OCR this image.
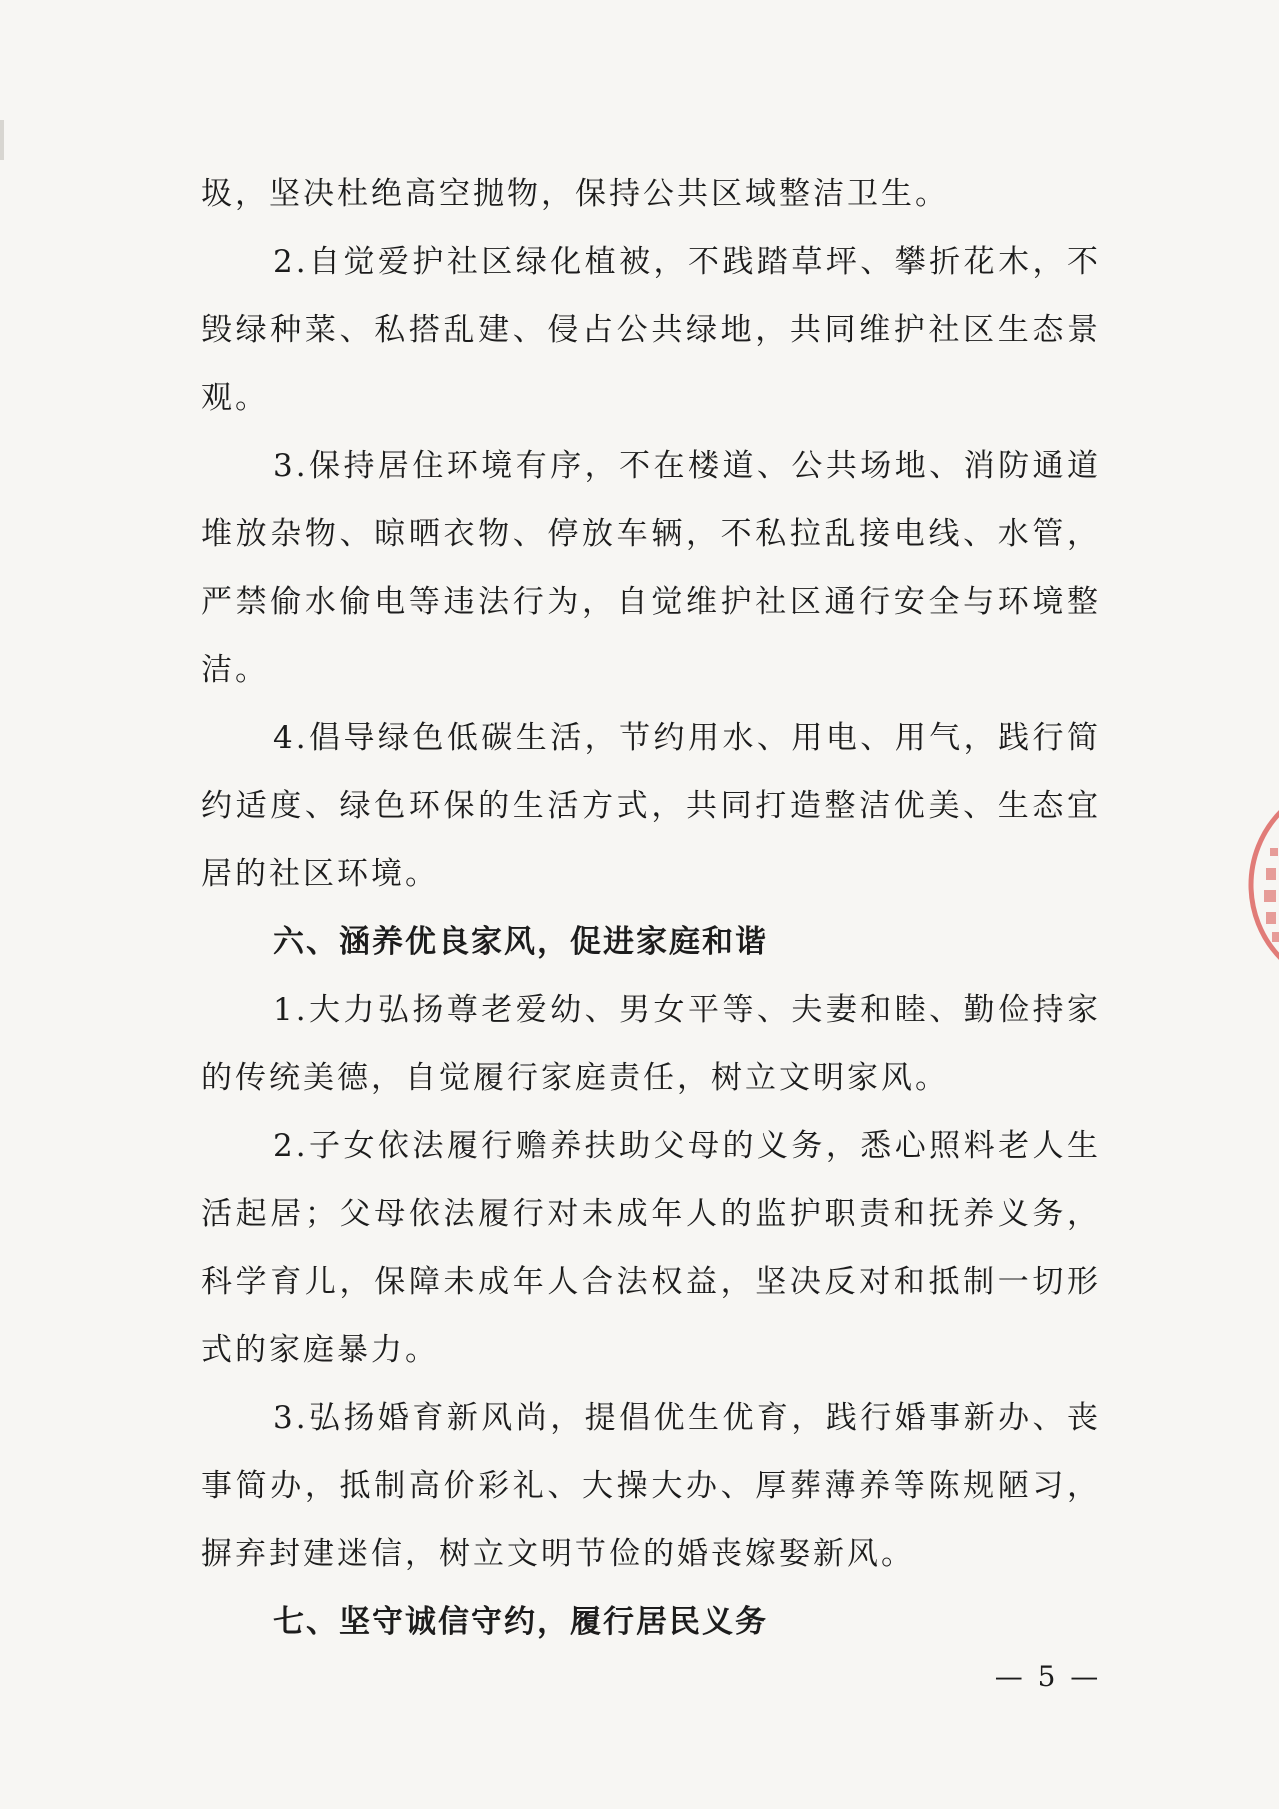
圾，坚决杜绝高空抛物，保持公共区域整洁卫生。

2.自觉爱护社区绿化植被，不践踏草坪、攀折花木，不毁绿种菜、私搭乱建、侵占公共绿地，共同维护社区生态景观。

3.保持居住环境有序，不在楼道、公共场地、消防通道堆放杂物、晾晒衣物、停放车辆，不私拉乱接电线、水管，严禁偷水偷电等违法行为，自觉维护社区通行安全与环境整洁。

4.倡导绿色低碳生活，节约用水、用电、用气，践行简约适度、绿色环保的生活方式，共同打造整洁优美、生态宜居的社区环境。

六、涵养优良家风，促进家庭和谐

1.大力弘扬尊老爱幼、男女平等、夫妻和睦、勤俭持家的传统美德，自觉履行家庭责任，树立文明家风。

2.子女依法履行赡养扶助父母的义务，悉心照料老人生活起居；父母依法履行对未成年人的监护职责和抚养义务，科学育儿，保障未成年人合法权益，坚决反对和抵制一切形式的家庭暴力。

3.弘扬婚育新风尚，提倡优生优育，践行婚事新办、丧事简办，抵制高价彩礼、大操大办、厚葬薄养等陈规陋习，摒弃封建迷信，树立文明节俭的婚丧嫁娶新风。

七、坚守诚信守约，履行居民义务

— 5 —
